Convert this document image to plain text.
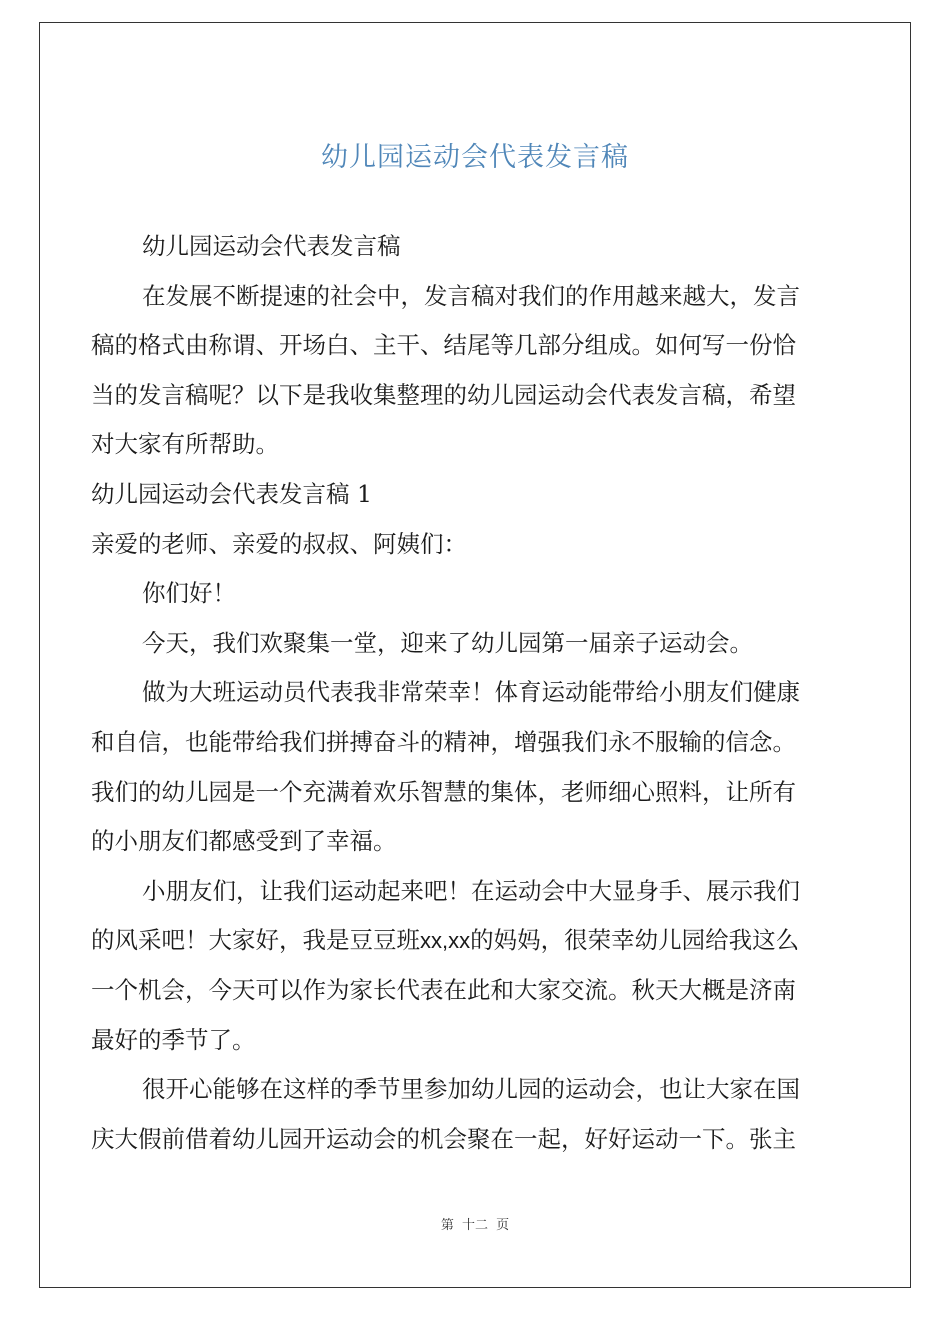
幼儿园运动会代表发言稿
幼儿园运动会代表发言稿
在发展不断提速的社会中，发言稿对我们的作用越来越大，发言
稿的格式由称谓、开场白、主干、结尾等几部分组成。如何写一份恰
当的发言稿呢？以下是我收集整理的幼儿园运动会代表发言稿，希望
对大家有所帮助。
幼儿园运动会代表发言稿 1
亲爱的老师、亲爱的叔叔、阿姨们：
你们好！
今天，我们欢聚集一堂，迎来了幼儿园第一届亲子运动会。
做为大班运动员代表我非常荣幸！体育运动能带给小朋友们健康
和自信，也能带给我们拼搏奋斗的精神，增强我们永不服输的信念。
我们的幼儿园是一个充满着欢乐智慧的集体，老师细心照料，让所有
的小朋友们都感受到了幸福。
小朋友们，让我们运动起来吧！在运动会中大显身手、展示我们
的风采吧！大家好，我是豆豆班xx,xx的妈妈，很荣幸幼儿园给我这么
一个机会，今天可以作为家长代表在此和大家交流。秋天大概是济南
最好的季节了。
很开心能够在这样的季节里参加幼儿园的运动会，也让大家在国
庆大假前借着幼儿园开运动会的机会聚在一起，好好运动一下。张主
第 十二 页
